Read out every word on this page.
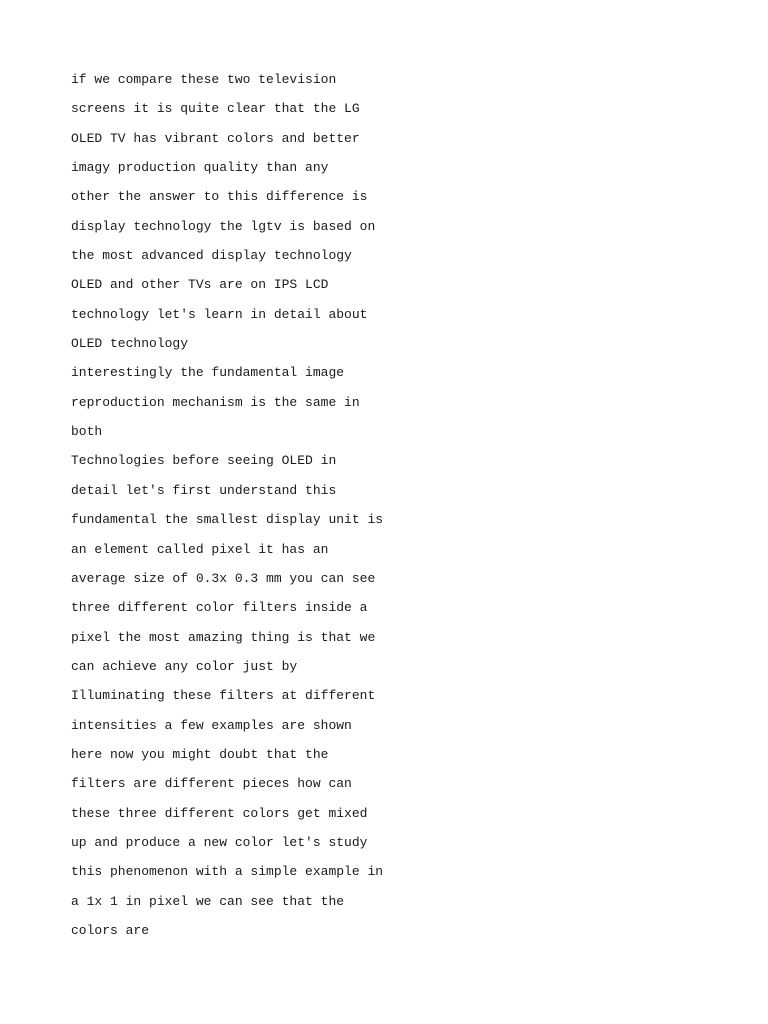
if we compare these two television
screens it is quite clear that the LG
OLED TV has vibrant colors and better
imagy production quality than any
other the answer to this difference is
display technology the lgtv is based on
the most advanced display technology
OLED and other TVs are on IPS LCD
technology let's learn in detail about
OLED technology
interestingly the fundamental image
reproduction mechanism is the same in
both
Technologies before seeing OLED in
detail let's first understand this
fundamental the smallest display unit is
an element called pixel it has an
average size of 0.3x 0.3 mm you can see
three different color filters inside a
pixel the most amazing thing is that we
can achieve any color just by
Illuminating these filters at different
intensities a few examples are shown
here now you might doubt that the
filters are different pieces how can
these three different colors get mixed
up and produce a new color let's study
this phenomenon with a simple example in
a 1x 1 in pixel we can see that the
colors are
